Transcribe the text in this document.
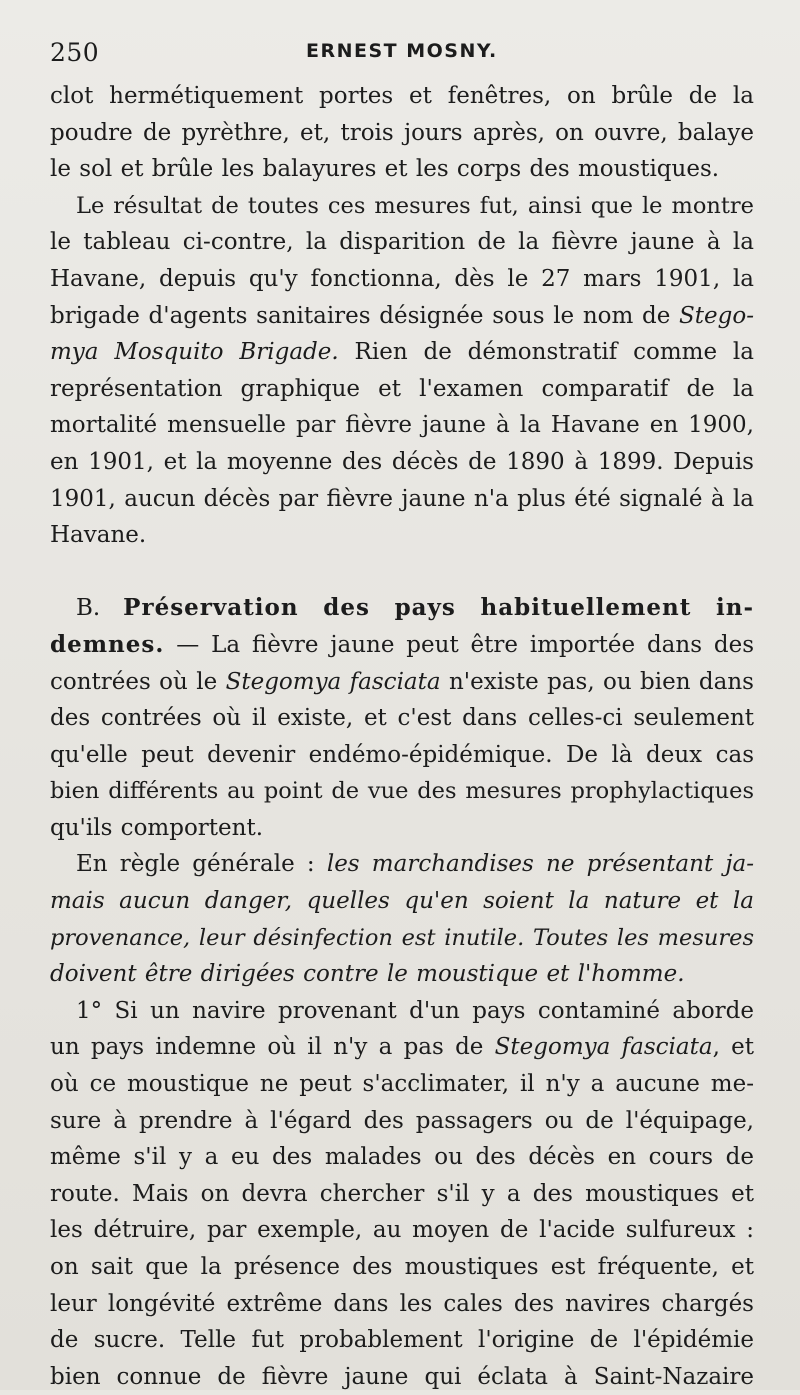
250	ERNEST MOSNY.
clot hermétiquement portes et fenêtres, on brûle de la
poudre de pyrèthre, et, trois jours après, on ouvre, balaye
le sol et brûle les balayures et les corps des moustiques.
Le résultat de toutes ces mesures fut, ainsi que le montre
le tableau ci-contre, la disparition de la fièvre jaune à la
Havane, depuis qu'y fonctionna, dès le 27 mars 1901, la
brigade d'agents sanitaires désignée sous le nom de Stego-
mya Mosquito Brigade. Rien de démonstratif comme la
représentation graphique et l'examen comparatif de la
mortalité mensuelle par fièvre jaune à la Havane en 1900,
en 1901, et la moyenne des décès de 1890 à 1899. Depuis
1901, aucun décès par fièvre jaune n'a plus été signalé à la
Havane.
B. Préservation des pays habituellement in-
demnes. — La fièvre jaune peut être importée dans des
contrées où le Stegomya fasciata n'existe pas, ou bien dans
des contrées où il existe, et c'est dans celles-ci seulement
qu'elle peut devenir endémo-épidémique. De là deux cas
bien différents au point de vue des mesures prophylactiques
qu'ils comportent.
En règle générale : les marchandises ne présentant ja-
mais aucun danger, quelles qu'en soient la nature et la
provenance, leur désinfection est inutile. Toutes les mesures
doivent être dirigées contre le moustique et l'homme.
1° Si un navire provenant d'un pays contaminé aborde
un pays indemne où il n'y a pas de Stegomya fasciata, et
où ce moustique ne peut s'acclimater, il n'y a aucune me-
sure à prendre à l'égard des passagers ou de l'équipage,
même s'il y a eu des malades ou des décès en cours de
route. Mais on devra chercher s'il y a des moustiques et
les détruire, par exemple, au moyen de l'acide sulfureux :
on sait que la présence des moustiques est fréquente, et
leur longévité extrême dans les cales des navires chargés
de sucre. Telle fut probablement l'origine de l'épidémie
bien connue de fièvre jaune qui éclata à Saint-Nazaire
